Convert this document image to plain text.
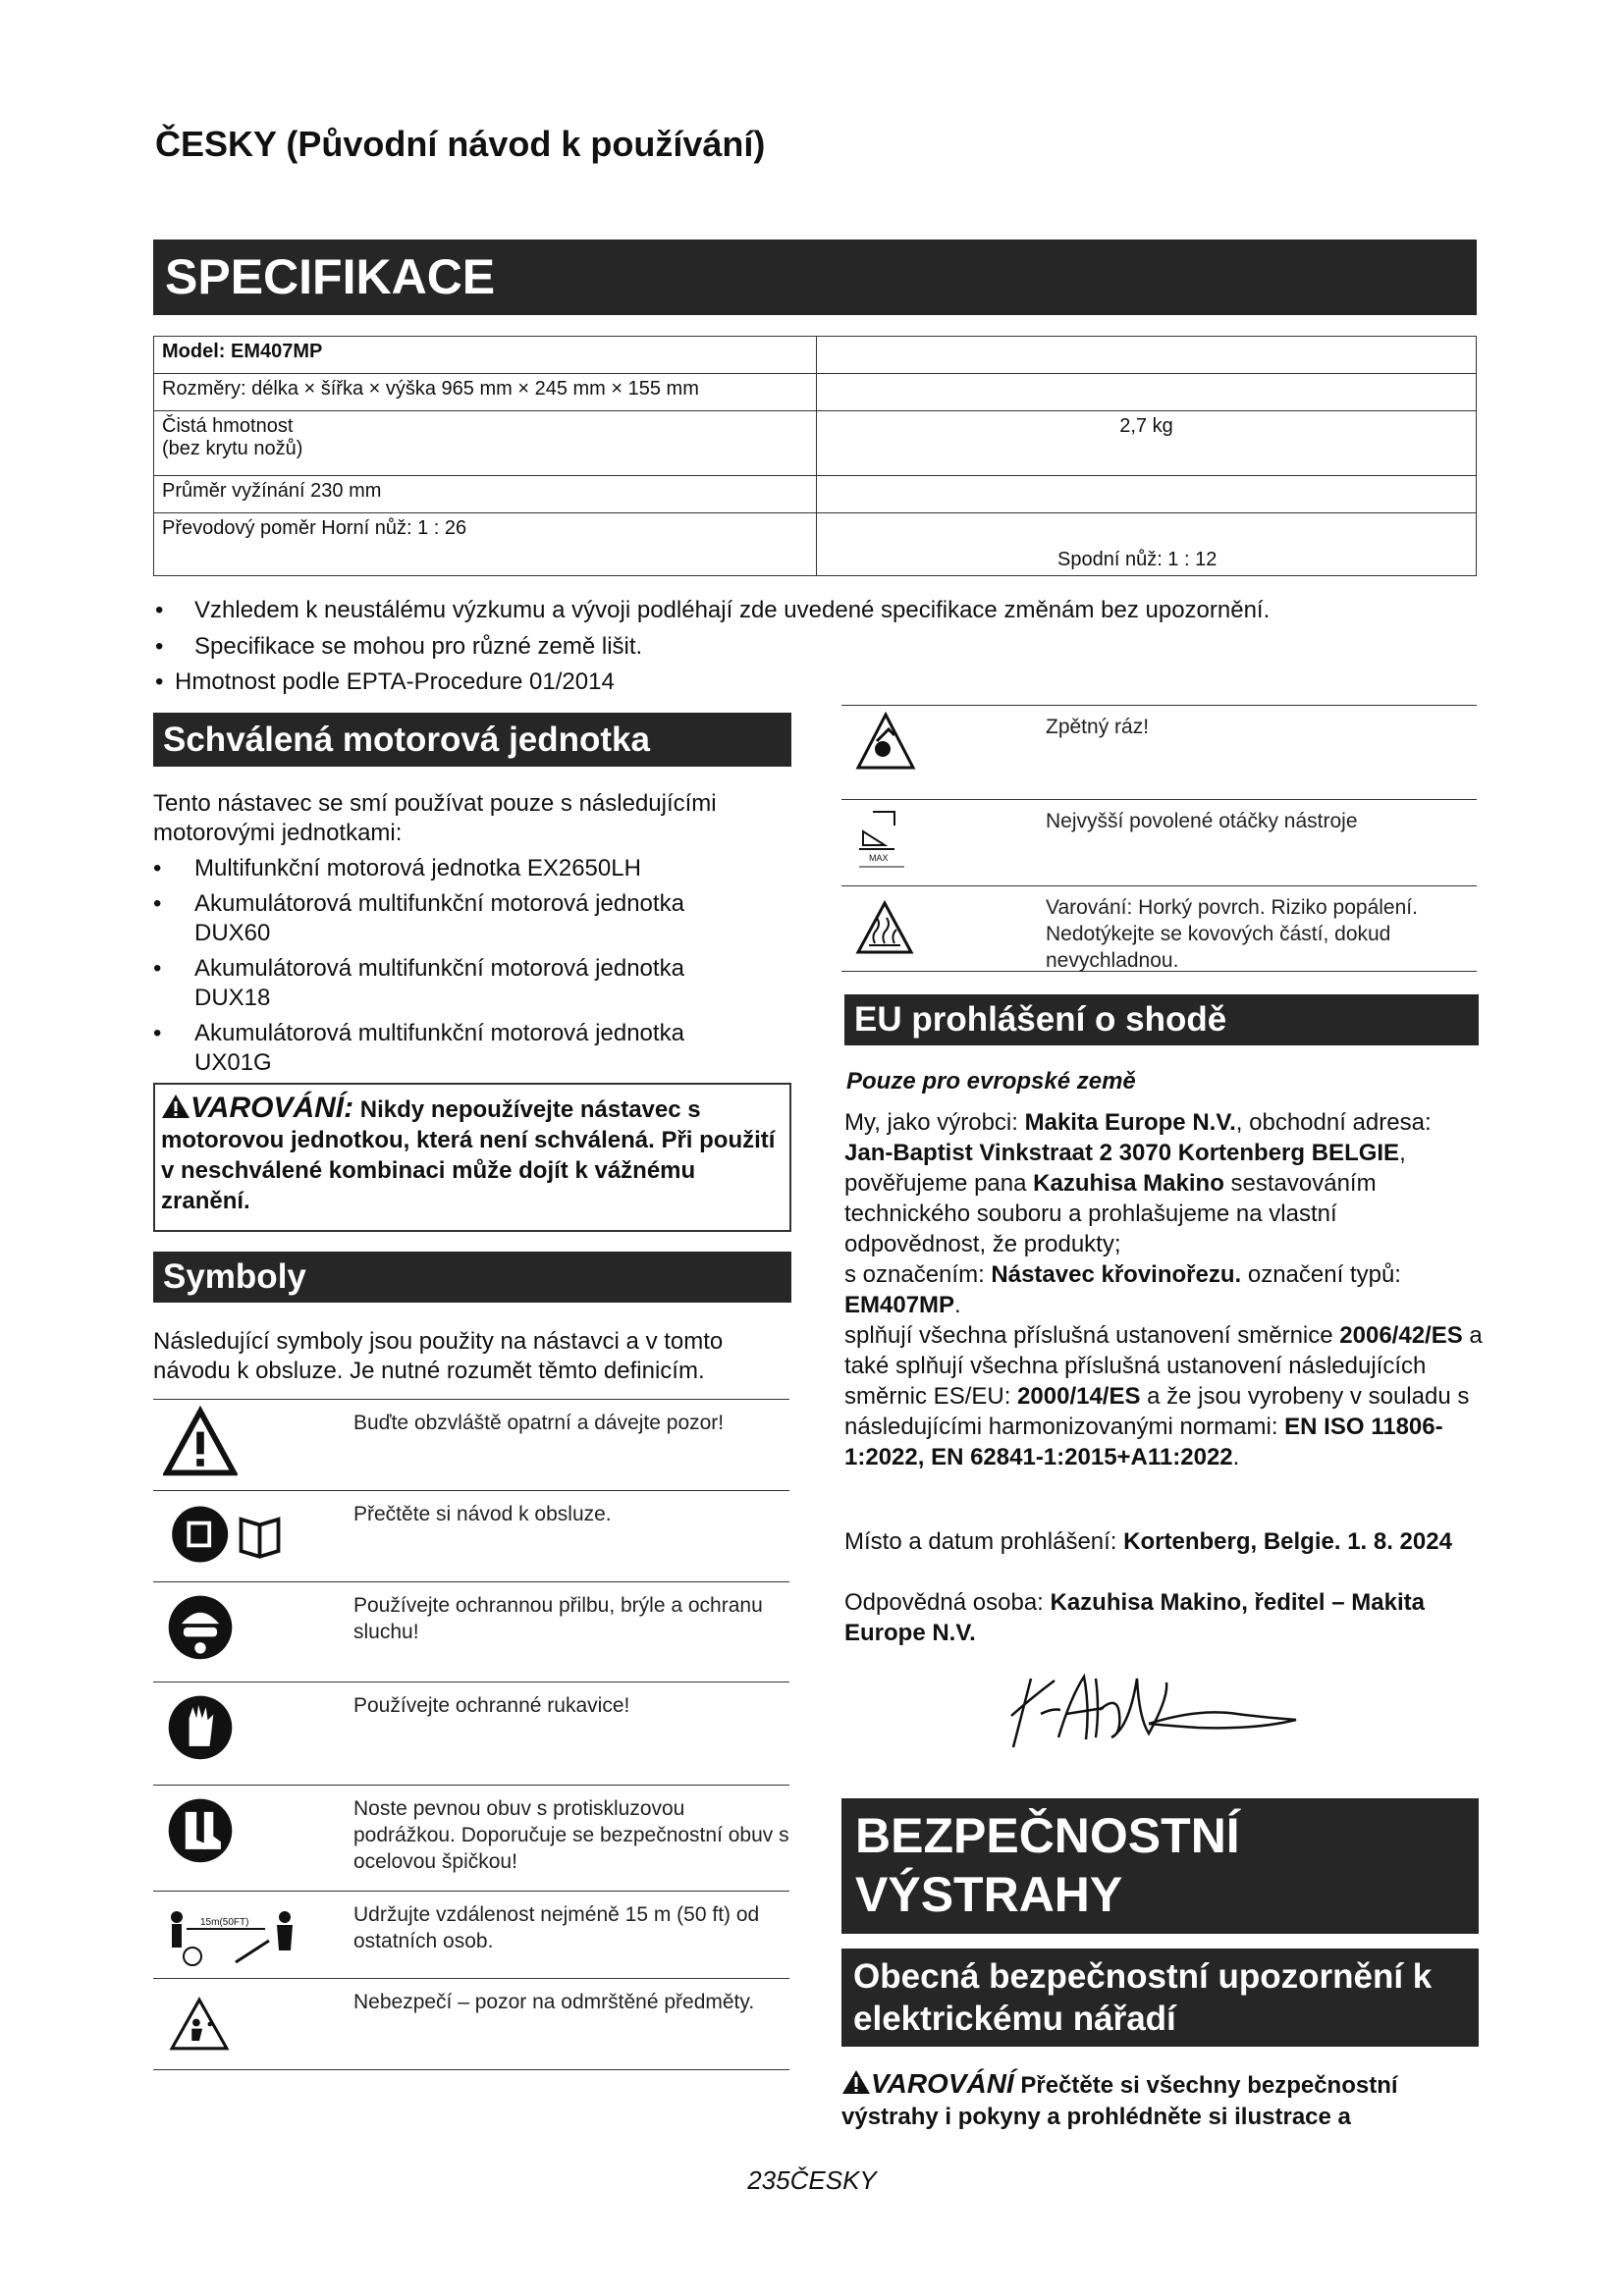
ČESKY (Původní návod k používání)
SPECIFIKACE
Model: EM407MP	
Rozměry: délka × šířka × výška 965 mm × 245 mm × 155 mm	
Čistá hmotnost
(bez krytu nožů)	2,7 kg
Průměr vyžínání 230 mm	
Převodový poměr Horní nůž: 1 : 26	Spodní nůž: 1 : 12
• Vzhledem k neustálému výzkumu a vývoji podléhají zde uvedené specifikace změnám bez upozornění.
• Specifikace se mohou pro různé země lišit.
• Hmotnost podle EPTA-Procedure 01/2014
Schválená motorová jednotka
Tento nástavec se smí používat pouze s následujícími motorovými jednotkami:
• Multifunkční motorová jednotka EX2650LH
• Akumulátorová multifunkční motorová jednotka DUX60
• Akumulátorová multifunkční motorová jednotka DUX18
• Akumulátorová multifunkční motorová jednotka UX01G
VAROVÁNÍ: Nikdy nepoužívejte nástavec s motorovou jednotkou, která není schválená. Při použití v neschválené kombinaci může dojít k vážnému zranění.
Symboly
Následující symboly jsou použity na nástavci a v tomto návodu k obsluze. Je nutné rozumět těmto definicím.
Buďte obzvláště opatrní a dávejte pozor!
Přečtěte si návod k obsluze.
Používejte ochrannou přilbu, brýle a ochranu sluchu!
Používejte ochranné rukavice!
Noste pevnou obuv s protiskluzovou podrážkou. Doporučuje se bezpečnostní obuv s ocelovou špičkou!
15m(50FT)	Udržujte vzdálenost nejméně 15 m (50 ft) od ostatních osob.
Nebezpečí – pozor na odmrštěné předměty.
Zpětný ráz!
MAX
Nejvyšší povolené otáčky nástroje
Varování: Horký povrch. Riziko popálení. Nedotýkejte se kovových částí, dokud nevychladnou.
EU prohlášení o shodě
Pouze pro evropské země
My, jako výrobci: Makita Europe N.V., obchodní adresa: Jan-Baptist Vinkstraat 2 3070 Kortenberg BELGIE, pověřujeme pana Kazuhisa Makino sestavováním technického souboru a prohlašujeme na vlastní odpovědnost, že produkty;
s označením: Nástavec křovinořezu. označení typů: EM407MP.
splňují všechna příslušná ustanovení směrnice 2006/42/ES a také splňují všechna příslušná ustanovení následujících směrnic ES/EU: 2000/14/ES a že jsou vyrobeny v souladu s následujícími harmonizovanými normami: EN ISO 11806-1:2022, EN 62841-1:2015+A11:2022.
Místo a datum prohlášení: Kortenberg, Belgie. 1. 8. 2024
Odpovědná osoba: Kazuhisa Makino, ředitel – Makita Europe N.V.
BEZPEČNOSTNÍ VÝSTRAHY
Obecná bezpečnostní upozornění k elektrickému nářadí
VAROVÁNÍ Přečtěte si všechny bezpečnostní výstrahy i pokyny a prohlédněte si ilustrace a
235ČESKY
